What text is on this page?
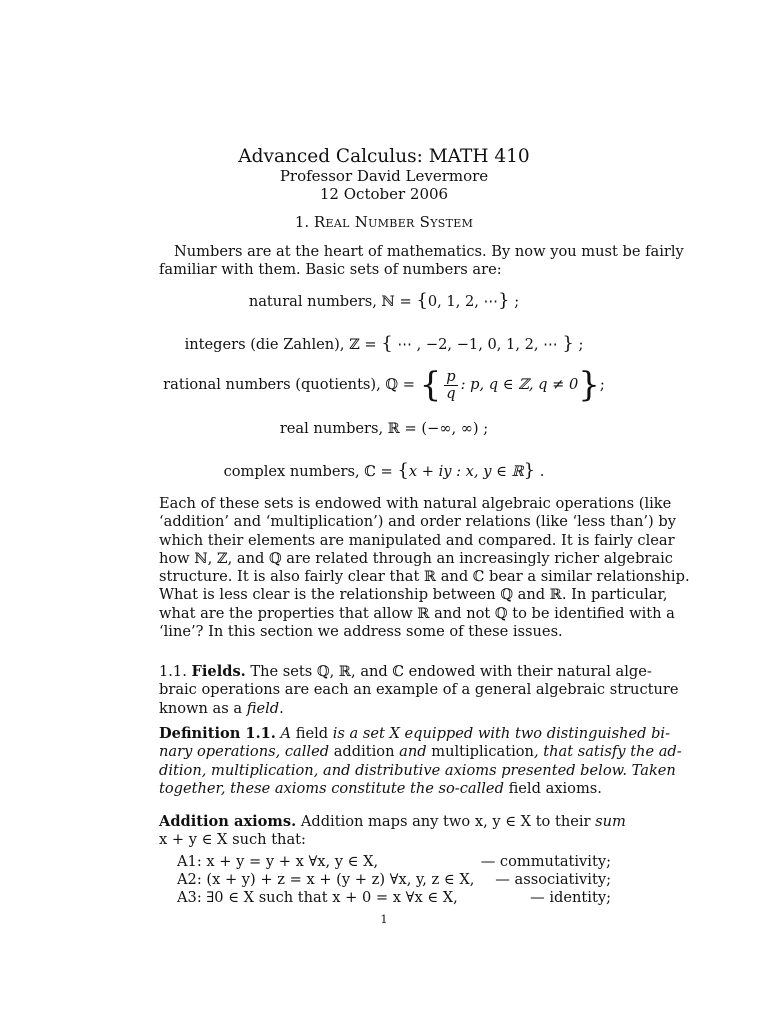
Advanced Calculus: MATH 410
Professor David Levermore
12 October 2006
1. Real Number System
Numbers are at the heart of mathematics. By now you must be fairly
familiar with them. Basic sets of numbers are:
natural numbers, ℕ = {0, 1, 2, ⋯} ;
integers (die Zahlen), ℤ = { ⋯ , −2, −1, 0, 1, 2, ⋯ } ;
rational numbers (quotients), ℚ = { $\frac{p}{q}$ : p, q ∈ ℤ, q ≠ 0};
real numbers, ℝ = (−∞, ∞) ;
complex numbers, ℂ = {x + iy : x, y ∈ ℝ} .
Each of these sets is endowed with natural algebraic operations (like
‘addition’ and ‘multiplication’) and order relations (like ‘less than’) by
which their elements are manipulated and compared. It is fairly clear
how ℕ, ℤ, and ℚ are related through an increasingly richer algebraic
structure. It is also fairly clear that ℝ and ℂ bear a similar relationship.
What is less clear is the relationship between ℚ and ℝ. In particular,
what are the properties that allow ℝ and not ℚ to be identified with a
‘line’? In this section we address some of these issues.
1.1. Fields. The sets ℚ, ℝ, and ℂ endowed with their natural alge-
braic operations are each an example of a general algebraic structure
known as a field.
Definition 1.1. A field is a set X equipped with two distinguished bi-
nary operations, called addition and multiplication, that satisfy the ad-
dition, multiplication, and distributive axioms presented below. Taken
together, these axioms constitute the so-called field axioms.
Addition axioms. Addition maps any two x, y ∈ X to their sum
x + y ∈ X such that:
A1: x + y = y + x ∀x, y ∈ X,	— commutativity;
A2: (x + y) + z = x + (y + z) ∀x, y, z ∈ X,	— associativity;
A3: ∃0 ∈ X such that x + 0 = x ∀x ∈ X,	— identity;
1
